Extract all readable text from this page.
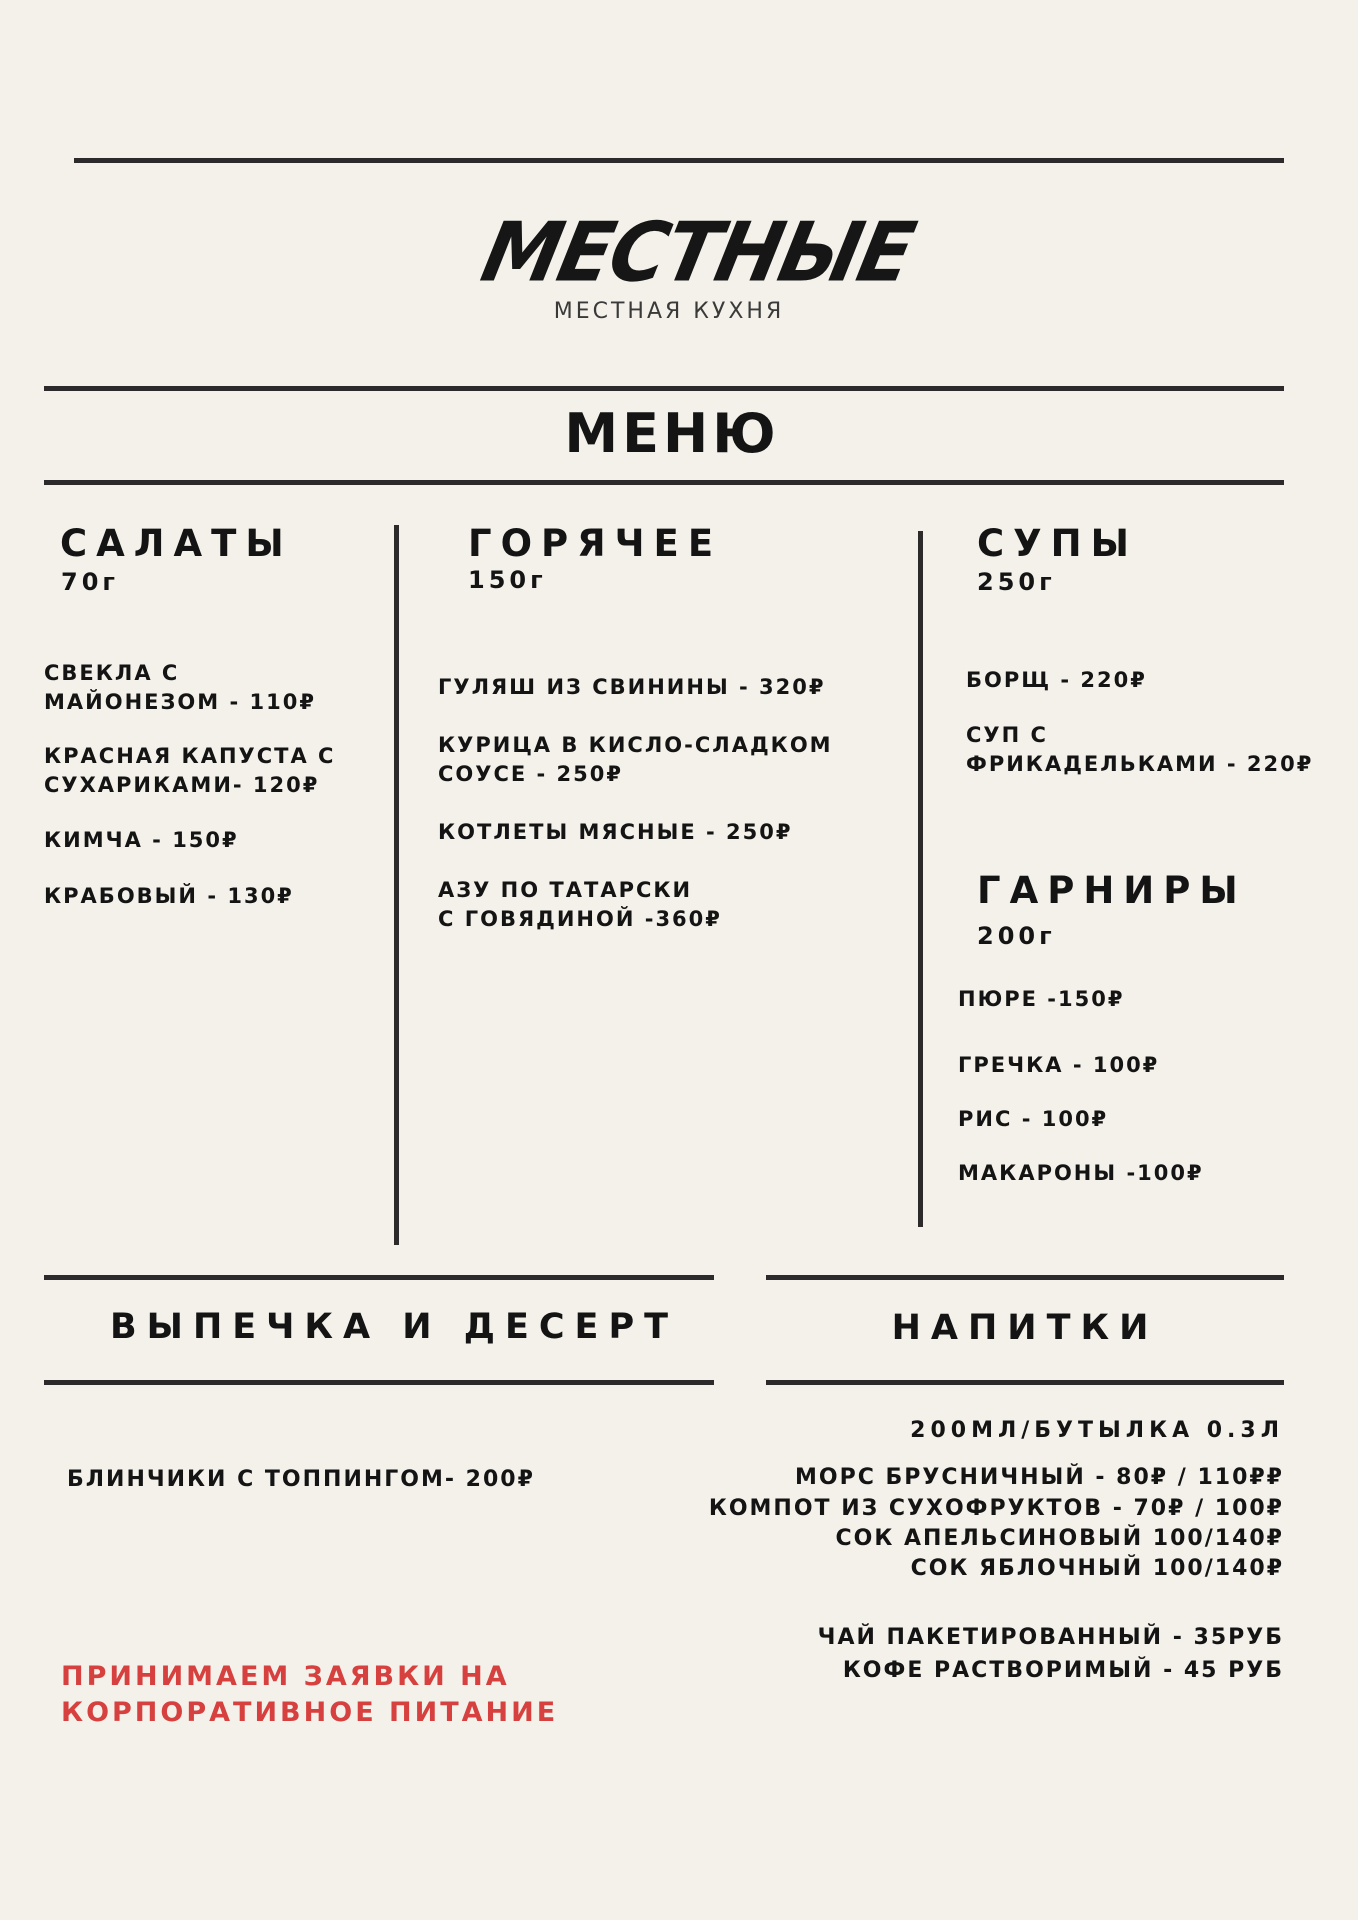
МЕСТНЫЕ
МЕСТНАЯ КУХНЯ
МЕНЮ
САЛАТЫ
70г
СВЕКЛА С
МАЙОНЕЗОМ - 110₽
КРАСНАЯ КАПУСТА С
СУХАРИКАМИ- 120₽
КИМЧА - 150₽
КРАБОВЫЙ - 130₽
ГОРЯЧЕЕ
150г
ГУЛЯШ ИЗ СВИНИНЫ - 320₽
КУРИЦА В КИСЛО-СЛАДКОМ
СОУСЕ - 250₽
КОТЛЕТЫ МЯСНЫЕ - 250₽
АЗУ ПО ТАТАРСКИ
С ГОВЯДИНОЙ -360₽
СУПЫ
250г
БОРЩ - 220₽
СУП С
ФРИКАДЕЛЬКАМИ - 220₽
ГАРНИРЫ
200г
ПЮРЕ -150₽
ГРЕЧКА - 100₽
РИС - 100₽
МАКАРОНЫ -100₽
ВЫПЕЧКА И ДЕСЕРТ
БЛИНЧИКИ С ТОППИНГОМ- 200₽
НАПИТКИ
200МЛ/БУТЫЛКА 0.3Л
МОРС БРУСНИЧНЫЙ - 80₽ / 110₽₽
КОМПОТ ИЗ СУХОФРУКТОВ - 70₽ / 100₽
СОК АПЕЛЬСИНОВЫЙ 100/140₽
СОК ЯБЛОЧНЫЙ 100/140₽
ЧАЙ ПАКЕТИРОВАННЫЙ - 35РУБ
КОФЕ РАСТВОРИМЫЙ - 45 РУБ
ПРИНИМАЕМ ЗАЯВКИ НА
КОРПОРАТИВНОЕ ПИТАНИЕ
